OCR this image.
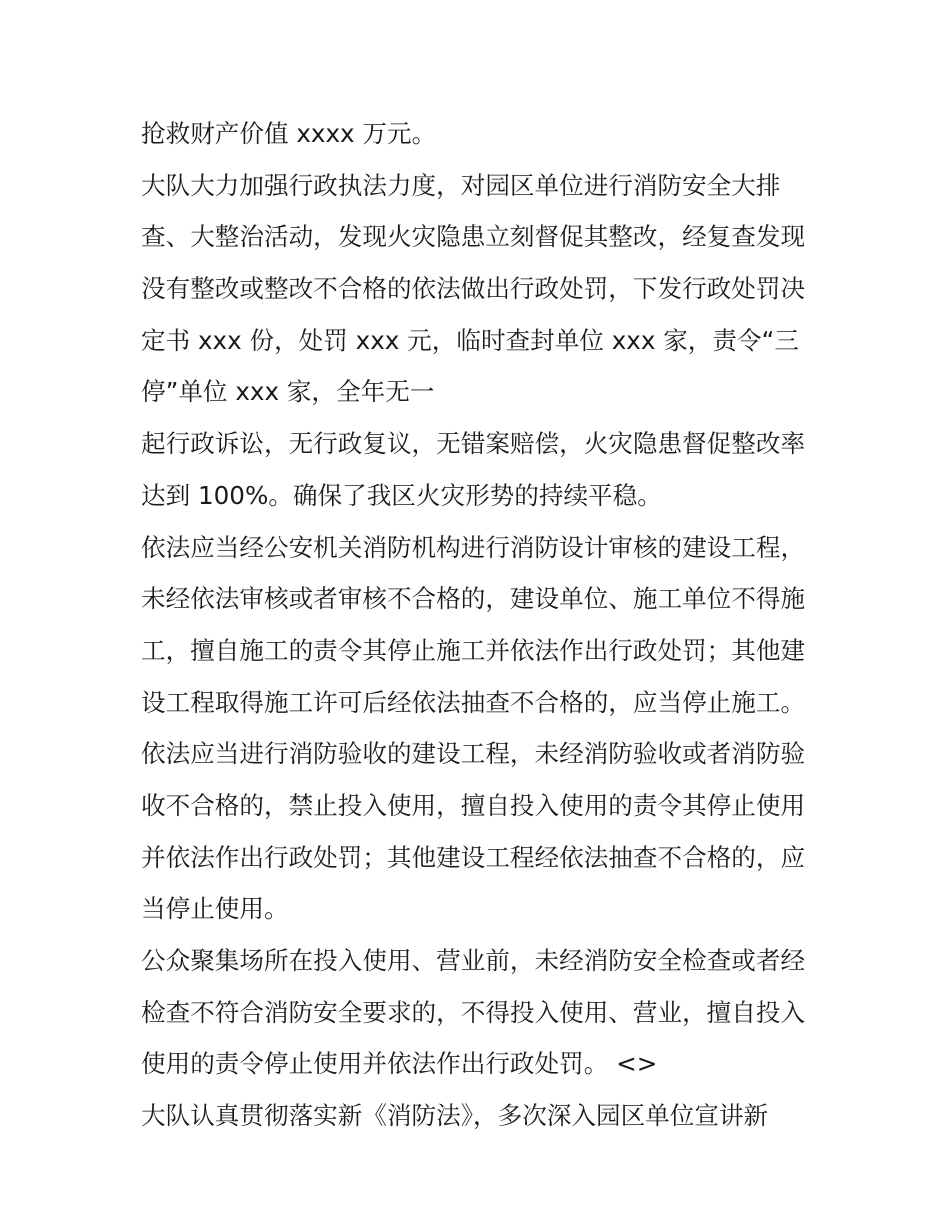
抢救财产价值 xxxx 万元。
大队大力加强行政执法力度，对园区单位进行消防安全大排
查、大整治活动，发现火灾隐患立刻督促其整改，经复查发现
没有整改或整改不合格的依法做出行政处罚，下发行政处罚决
定书 xxx 份，处罚 xxx 元，临时查封单位 xxx 家，责令“三
停”单位 xxx 家，全年无一
起行政诉讼，无行政复议，无错案赔偿，火灾隐患督促整改率
达到 100%。确保了我区火灾形势的持续平稳。
依法应当经公安机关消防机构进行消防设计审核的建设工程，
未经依法审核或者审核不合格的，建设单位、施工单位不得施
工，擅自施工的责令其停止施工并依法作出行政处罚；其他建
设工程取得施工许可后经依法抽查不合格的，应当停止施工。
依法应当进行消防验收的建设工程，未经消防验收或者消防验
收不合格的，禁止投入使用，擅自投入使用的责令其停止使用
并依法作出行政处罚；其他建设工程经依法抽查不合格的，应
当停止使用。
公众聚集场所在投入使用、营业前，未经消防安全检查或者经
检查不符合消防安全要求的，不得投入使用、营业，擅自投入
使用的责令停止使用并依法作出行政处罚。 <>
大队认真贯彻落实新《消防法》，多次深入园区单位宣讲新
